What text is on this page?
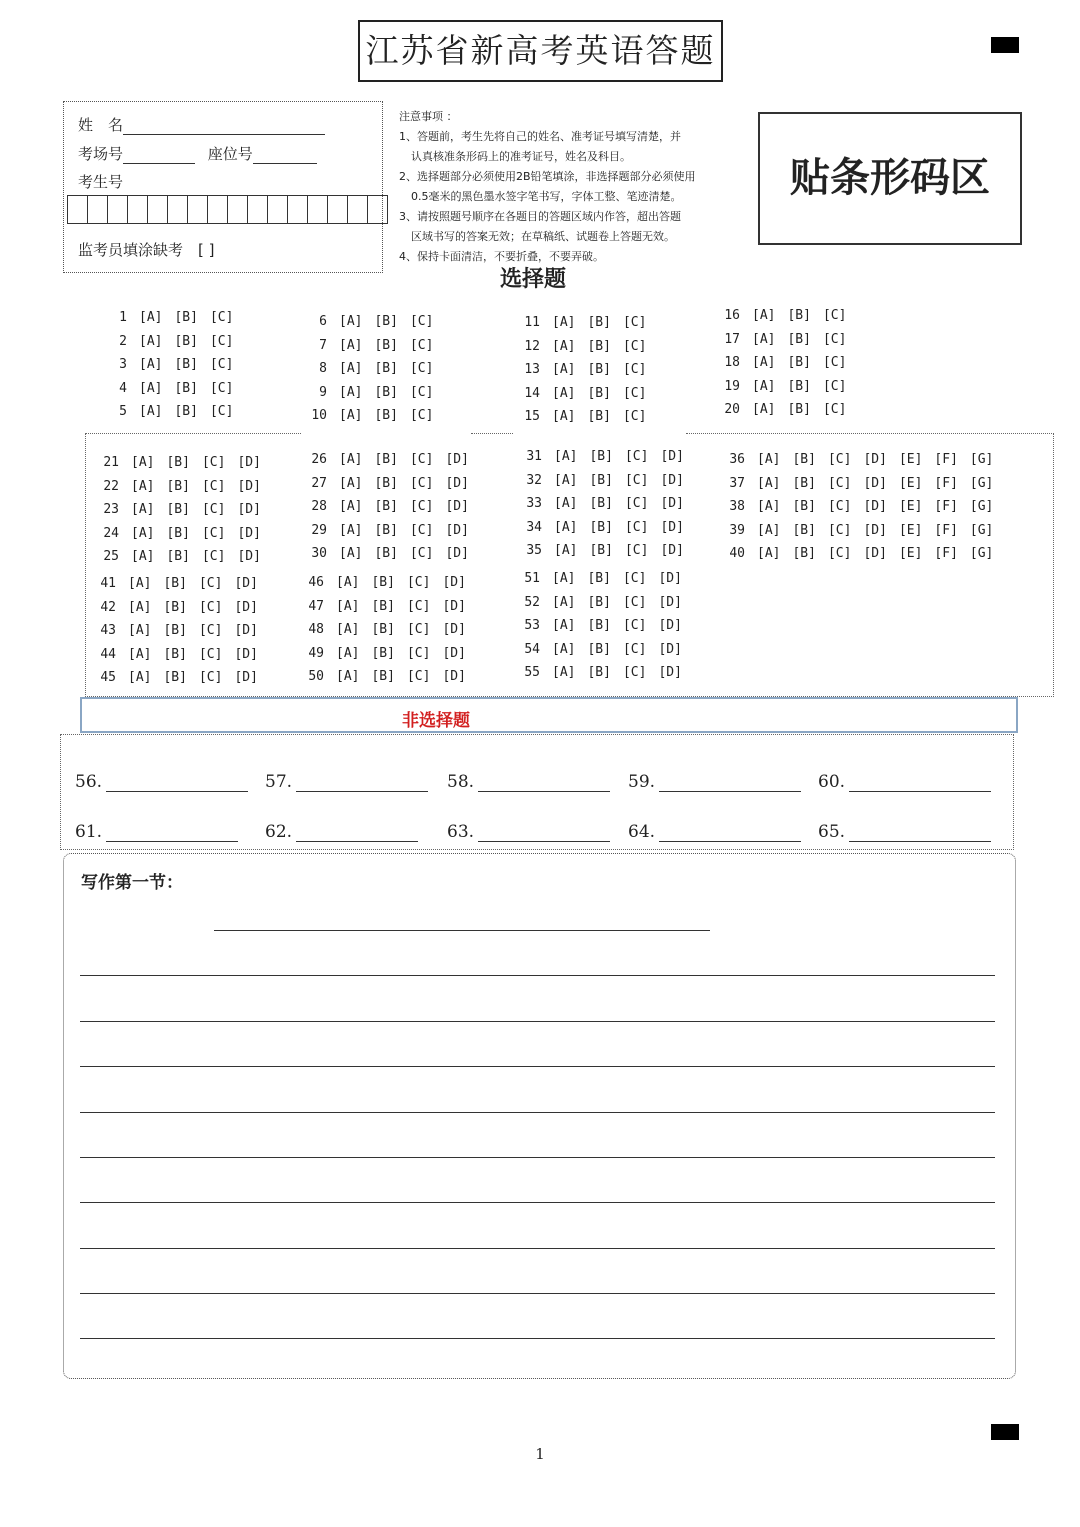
江苏省新高考英语答题
姓　名
考场号	座位号
考生号
监考员填涂缺考　[ ]
注意事项 ：
1、答题前，考生先将自己的姓名、准考证号填写清楚，并
认真核准条形码上的准考证号，姓名及科目。
2、选择题部分必须使用2B铅笔填涂，非选择题部分必须使用
0.5毫米的黑色墨水签字笔书写，字体工整、笔迹清楚。
3、请按照题号顺序在各题目的答题区域内作答，超出答题
区域书写的答案无效；在草稿纸、试题卷上答题无效。
4、保持卡面清洁，不要折叠，不要弄破。
贴条形码区
选择题
1 [A] [B] [C]
2 [A] [B] [C]
3 [A] [B] [C]
4 [A] [B] [C]
5 [A] [B] [C]
6 [A] [B] [C]
7 [A] [B] [C]
8 [A] [B] [C]
9 [A] [B] [C]
10 [A] [B] [C]
11 [A] [B] [C]
12 [A] [B] [C]
13 [A] [B] [C]
14 [A] [B] [C]
15 [A] [B] [C]
16 [A] [B] [C]
17 [A] [B] [C]
18 [A] [B] [C]
19 [A] [B] [C]
20 [A] [B] [C]
21 [A] [B] [C] [D]
22 [A] [B] [C] [D]
23 [A] [B] [C] [D]
24 [A] [B] [C] [D]
25 [A] [B] [C] [D]
26 [A] [B] [C] [D]
27 [A] [B] [C] [D]
28 [A] [B] [C] [D]
29 [A] [B] [C] [D]
30 [A] [B] [C] [D]
31 [A] [B] [C] [D]
32 [A] [B] [C] [D]
33 [A] [B] [C] [D]
34 [A] [B] [C] [D]
35 [A] [B] [C] [D]
36 [A] [B] [C] [D] [E] [F] [G]
37 [A] [B] [C] [D] [E] [F] [G]
38 [A] [B] [C] [D] [E] [F] [G]
39 [A] [B] [C] [D] [E] [F] [G]
40 [A] [B] [C] [D] [E] [F] [G]
41 [A] [B] [C] [D]
42 [A] [B] [C] [D]
43 [A] [B] [C] [D]
44 [A] [B] [C] [D]
45 [A] [B] [C] [D]
46 [A] [B] [C] [D]
47 [A] [B] [C] [D]
48 [A] [B] [C] [D]
49 [A] [B] [C] [D]
50 [A] [B] [C] [D]
51 [A] [B] [C] [D]
52 [A] [B] [C] [D]
53 [A] [B] [C] [D]
54 [A] [B] [C] [D]
55 [A] [B] [C] [D]
非选择题
56.	57.	58.	59.	60.
61.	62.	63.	64.	65.
写作第一节：
1
